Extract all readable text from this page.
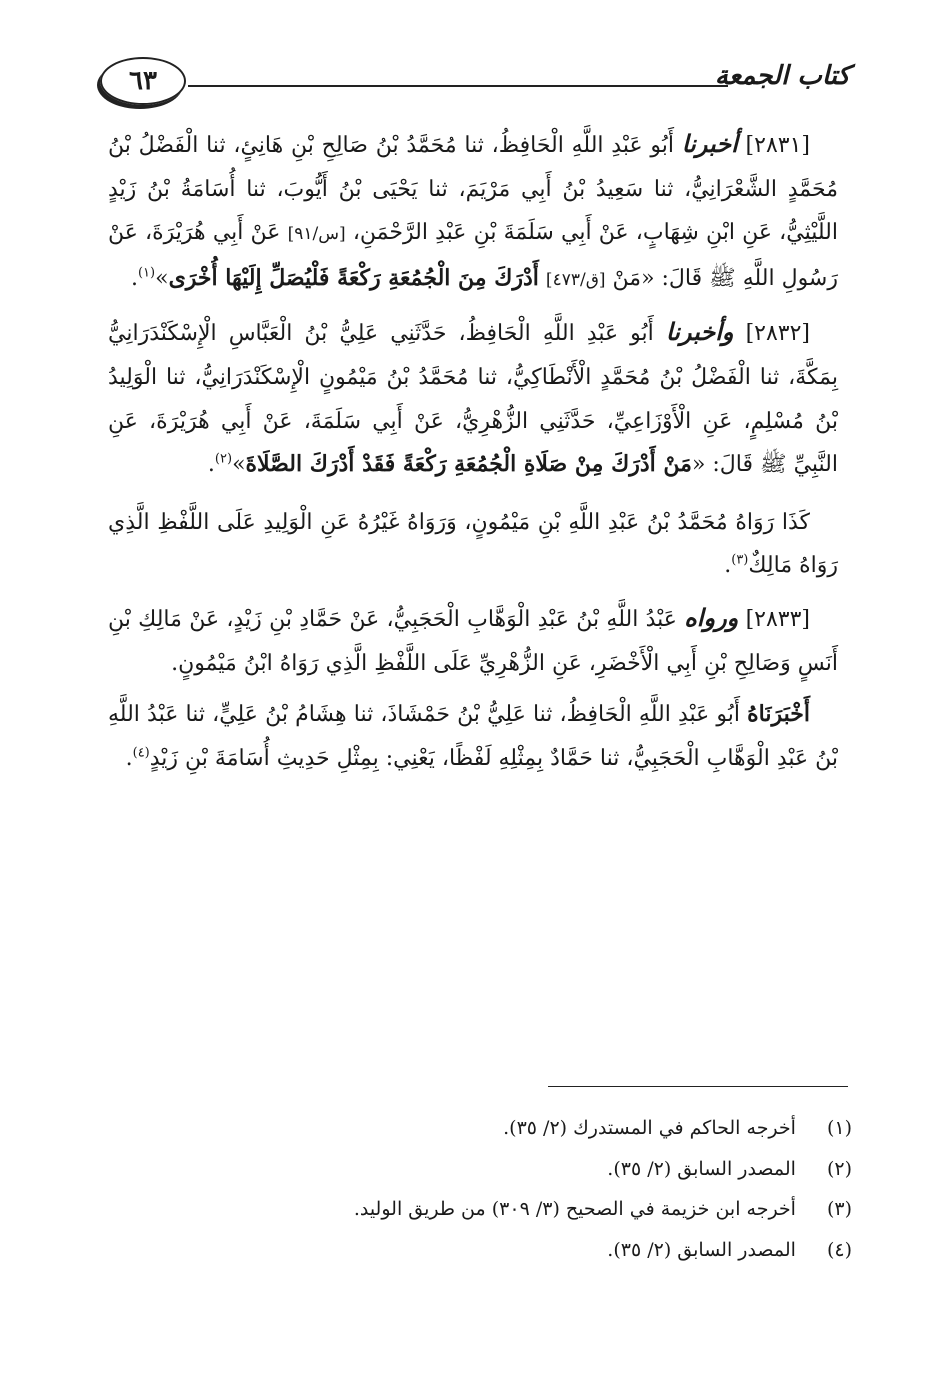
كتاب الجمعة
٦٣

[٢٨٣١] أخبرنا أَبُو عَبْدِ اللَّهِ الْحَافِظُ، ثنا مُحَمَّدُ بْنُ صَالِحِ بْنِ هَانِئٍ، ثنا الْفَضْلُ بْنُ مُحَمَّدٍ الشَّعْرَانِيُّ، ثنا سَعِيدُ بْنُ أَبِي مَرْيَمَ، ثنا يَحْيَى بْنُ أَيُّوبَ، ثنا أُسَامَةُ بْنُ زَيْدٍ اللَّيْثِيُّ، عَنِ ابْنِ شِهَابٍ، عَنْ أَبِي سَلَمَةَ بْنِ عَبْدِ الرَّحْمَنِ، [س/٩١] عَنْ أَبِي هُرَيْرَةَ، عَنْ رَسُولِ اللَّهِ ﷺ قَالَ: «مَنْ [ق/٤٧٣] أَدْرَكَ مِنَ الْجُمُعَةِ رَكْعَةً فَلْيُصَلِّ إِلَيْهَا أُخْرَى»$^{(١)}$.

[٢٨٣٢] وأخبرنا أَبُو عَبْدِ اللَّهِ الْحَافِظُ، حَدَّثَنِي عَلِيُّ بْنُ الْعَبَّاسِ الْإِسْكَنْدَرَانِيُّ بِمَكَّةَ، ثنا الْفَضْلُ بْنُ مُحَمَّدٍ الْأَنْطَاكِيُّ، ثنا مُحَمَّدُ بْنُ مَيْمُونٍ الْإِسْكَنْدَرَانِيُّ، ثنا الْوَلِيدُ بْنُ مُسْلِمٍ، عَنِ الْأَوْزَاعِيِّ، حَدَّثَنِي الزُّهْرِيُّ، عَنْ أَبِي سَلَمَةَ، عَنْ أَبِي هُرَيْرَةَ، عَنِ النَّبِيِّ ﷺ قَالَ: «مَنْ أَدْرَكَ مِنْ صَلَاةِ الْجُمُعَةِ رَكْعَةً فَقَدْ أَدْرَكَ الصَّلَاةَ»$^{(٢)}$.

كَذَا رَوَاهُ مُحَمَّدُ بْنُ عَبْدِ اللَّهِ بْنِ مَيْمُونٍ، وَرَوَاهُ غَيْرُهُ عَنِ الْوَلِيدِ عَلَى اللَّفْظِ الَّذِي رَوَاهُ مَالِكٌ$^{(٣)}$.

[٢٨٣٣] ورواه عَبْدُ اللَّهِ بْنُ عَبْدِ الْوَهَّابِ الْحَجَبِيُّ، عَنْ حَمَّادِ بْنِ زَيْدٍ، عَنْ مَالِكِ بْنِ أَنَسٍ وَصَالِحِ بْنِ أَبِي الْأَخْضَرِ، عَنِ الزُّهْرِيِّ عَلَى اللَّفْظِ الَّذِي رَوَاهُ ابْنُ مَيْمُونٍ.

أَخْبَرَنَاهُ أَبُو عَبْدِ اللَّهِ الْحَافِظُ، ثنا عَلِيُّ بْنُ حَمْشَاذَ، ثنا هِشَامُ بْنُ عَلِيٍّ، ثنا عَبْدُ اللَّهِ بْنُ عَبْدِ الْوَهَّابِ الْحَجَبِيُّ، ثنا حَمَّادٌ بِمِثْلِهِ لَفْظًا، يَعْنِي: بِمِثْلِ حَدِيثِ أُسَامَةَ بْنِ زَيْدٍ$^{(٤)}$.

(١) أخرجه الحاكم في المستدرك (٢/ ٣٥).
(٢) المصدر السابق (٢/ ٣٥).
(٣) أخرجه ابن خزيمة في الصحيح (٣/ ٣٠٩) من طريق الوليد.
(٤) المصدر السابق (٢/ ٣٥).
